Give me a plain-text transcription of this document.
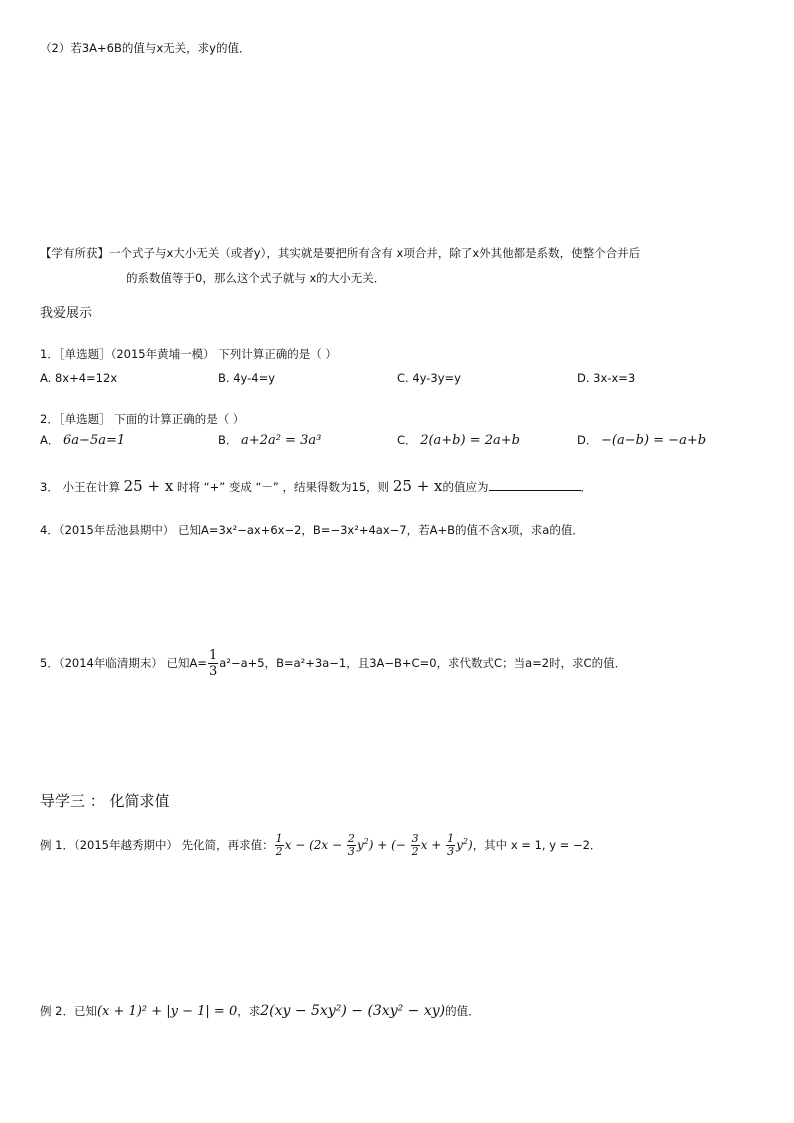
（2）若3A+6B的值与x无关，求y的值．
【学有所获】一个式子与x大小无关（或者y），其实就是要把所有含有 x项合并，除了x外其他都是系数，使整个合并后
的系数值等于0，那么这个式子就与 x的大小无关．
我爱展示
1．［单选题］（2015年黄埔一模） 下列计算正确的是（ ）
A. 8x+4=12x	B. 4y-4=y	C. 4y-3y=y	D. 3x-x=3
2．［单选题］ 下面的计算正确的是（ ）
A． 6a−5a=1	B． a+2a² = 3a³	C． 2(a+b) = 2a+b	D． −(a−b) = −a+b
3． 小王在计算 25 + x 时将 “+” 变成 “－” ，结果得数为15，则 25 + x的值应为	．
4．（2015年岳池县期中） 已知A=3x²−ax+6x−2，B=−3x²+4ax−7，若A+B的值不含x项，求a的值．
5．（2014年临清期末） 已知$A= \frac{1}{3} a^2-a+5$，B=a²+3a−1，且3A−B+C=0，求代数式C；当a=2时，求C的值．
导学三 ： 化简求值
例 1．（2015年越秀期中） 先化简，再求值： $\frac{1}{2}$ $x - (2x - \frac{2}{3} y^2)$ + (− $\frac{3}{2}$ $x + \frac{1}{3} y^2$)，其中 x = 1, y = −2．
例 2．已知(x + 1)² + |y − 1| = 0，求2(xy − 5xy²) − (3xy² − xy)的值．
